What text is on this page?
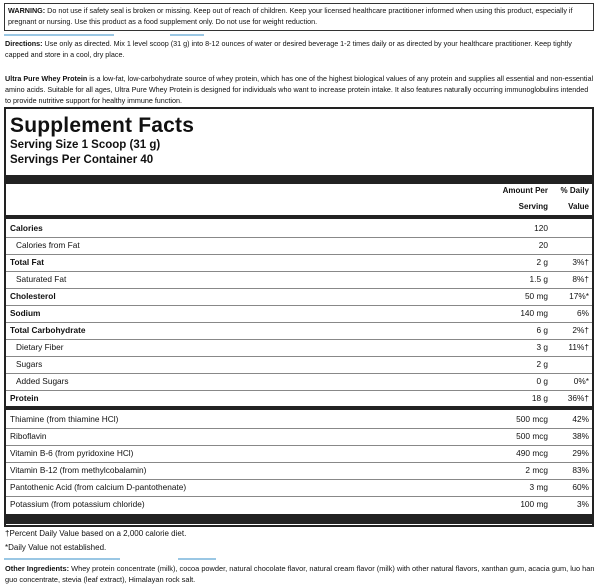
WARNING: Do not use if safety seal is broken or missing. Keep out of reach of children. Keep your licensed healthcare practitioner informed when using this product, especially if pregnant or nursing. Use this product as a food supplement only. Do not use for weight reduction.
Directions: Use only as directed. Mix 1 level scoop (31 g) into 8-12 ounces of water or desired beverage 1-2 times daily or as directed by your healthcare practitioner. Keep tightly capped and store in a cool, dry place.
Ultra Pure Whey Protein is a low-fat, low-carbohydrate source of whey protein, which has one of the highest biological values of any protein and supplies all essential and non-essential amino acids. Suitable for all ages, Ultra Pure Whey Protein is designed for individuals who want to increase protein intake. It also features naturally occurring immunoglobulins intended to provide nutritive support for healthy immune function.
Supplement Facts
Serving Size 1 Scoop (31 g)
Servings Per Container 40
Amount Per
Serving
% Daily
Value
Calories	120
Calories from Fat	20
Total Fat	2 g	3%†
Saturated Fat	1.5 g	8%†
Cholesterol	50 mg	17%*
Sodium	140 mg	6%
Total Carbohydrate	6 g	2%†
Dietary Fiber	3 g 11%†
Sugars	2 g
Added Sugars	0 g	0%*
Protein	18 g 36%†
Thiamine (from thiamine HCl)	500 mcg	42%
Riboflavin	500 mcg	38%
Vitamin B-6 (from pyridoxine HCl)	490 mcg	29%
Vitamin B-12 (from methylcobalamin)	2 mcg	83%
Pantothenic Acid (from calcium D-pantothenate)	3 mg	60%
Potassium (from potassium chloride)	100 mg	3%
†Percent Daily Value based on a 2,000 calorie diet.
*Daily Value not established.
Other Ingredients: Whey protein concentrate (milk), cocoa powder, natural chocolate flavor, natural cream flavor (milk) with other natural flavors, xanthan gum, acacia gum, luo han guo concentrate, stevia (leaf extract), Himalayan rock salt.
